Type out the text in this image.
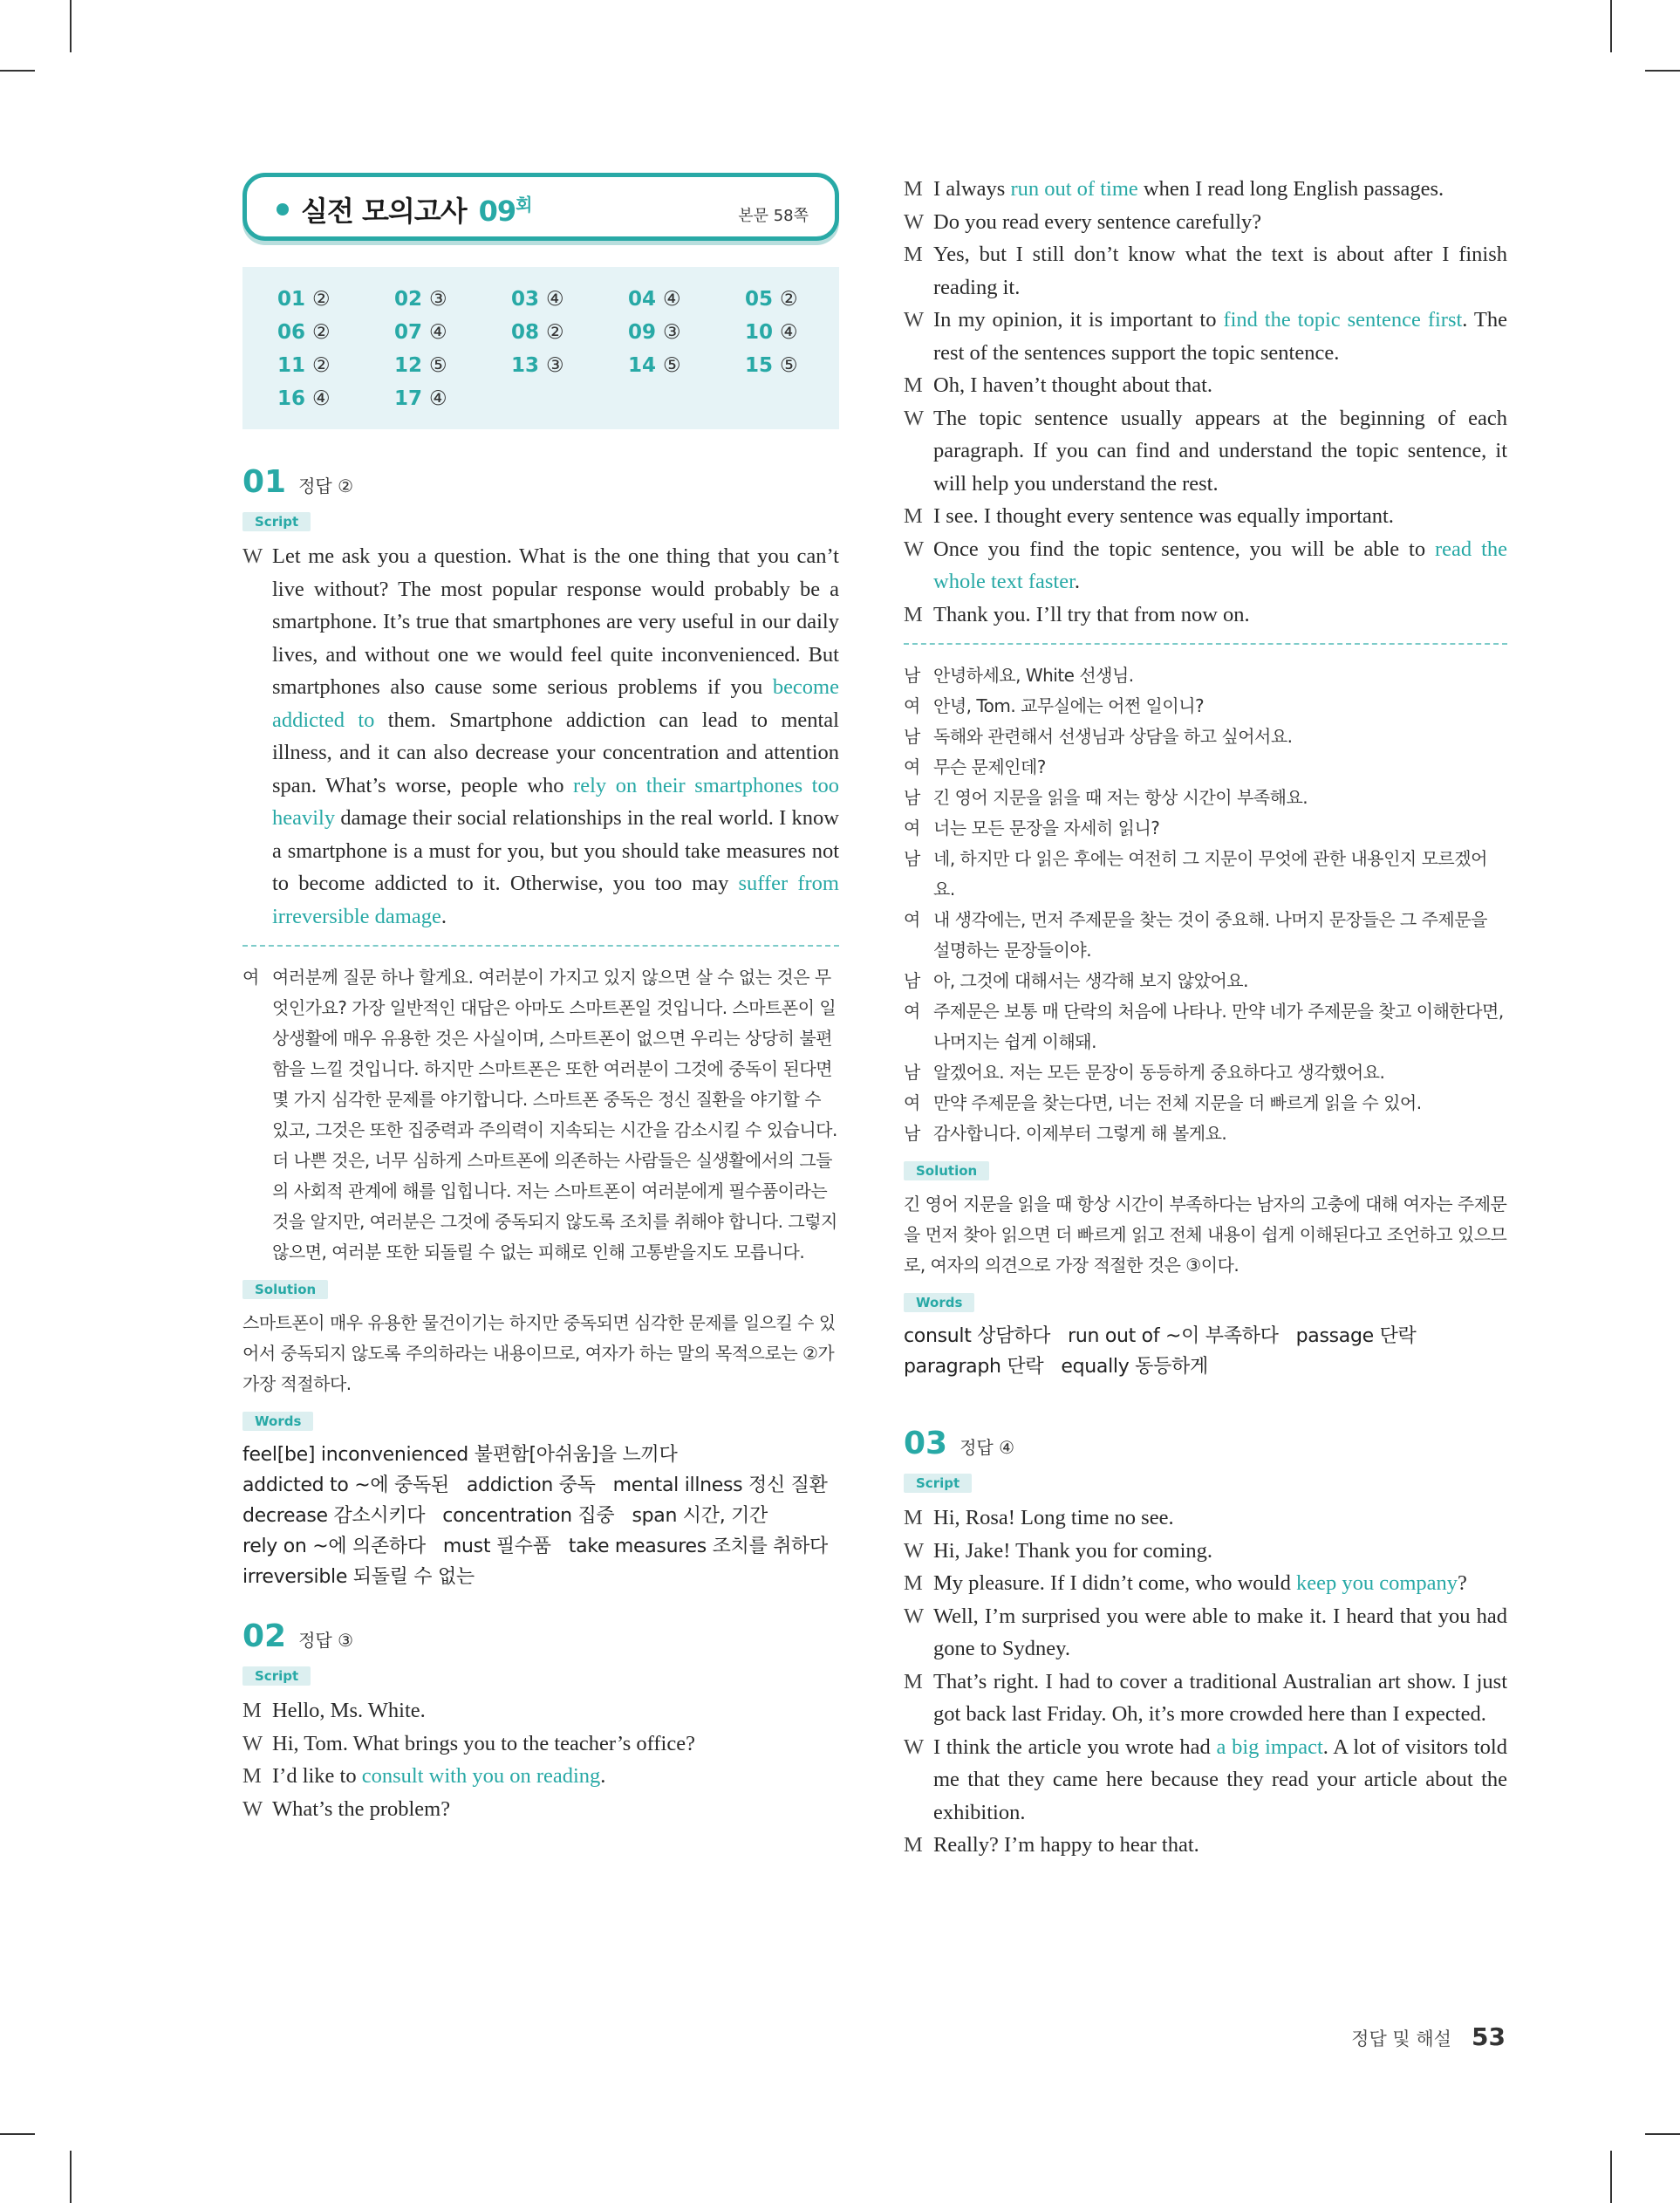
실전 모의고사 $09^회$
본문 58쪽
01 ②	02 ③	03 ④	04 ④	05 ②
06 ②	07 ④	08 ②	09 ③	10 ④
11 ②	12 ⑤	13 ③	14 ⑤	15 ⑤
16 ④	17 ④
01 정답 ②
Script
W Let me ask you a question. What is the one thing that you can’t live without? The most popular response would probably be a smartphone. It’s true that smartphones are very useful in our daily lives, and without one we would feel quite inconvenienced. But smartphones also cause some serious problems if you become addicted to them. Smartphone addiction can lead to mental illness, and it can also decrease your concentration and attention span. What’s worse, people who rely on their smartphones too heavily damage their social relationships in the real world. I know a smartphone is a must for you, but you should take measures not to become addicted to it. Otherwise, you too may suffer from irreversible damage.
여 여러분께 질문 하나 할게요. 여러분이 가지고 있지 않으면 살 수 없는 것은 무엇인가요? 가장 일반적인 대답은 아마도 스마트폰일 것입니다. 스마트폰이 일상생활에 매우 유용한 것은 사실이며, 스마트폰이 없으면 우리는 상당히 불편함을 느낄 것입니다. 하지만 스마트폰은 또한 여러분이 그것에 중독이 된다면 몇 가지 심각한 문제를 야기합니다. 스마트폰 중독은 정신 질환을 야기할 수 있고, 그것은 또한 집중력과 주의력이 지속되는 시간을 감소시킬 수 있습니다. 더 나쁜 것은, 너무 심하게 스마트폰에 의존하는 사람들은 실생활에서의 그들의 사회적 관계에 해를 입힙니다. 저는 스마트폰이 여러분에게 필수품이라는 것을 알지만, 여러분은 그것에 중독되지 않도록 조치를 취해야 합니다. 그렇지 않으면, 여러분 또한 되돌릴 수 없는 피해로 인해 고통받을지도 모릅니다.
Solution
스마트폰이 매우 유용한 물건이기는 하지만 중독되면 심각한 문제를 일으킬 수 있어서 중독되지 않도록 주의하라는 내용이므로, 여자가 하는 말의 목적으로는 ②가 가장 적절하다.
Words
feel[be] inconvenienced 불편함[아쉬움]을 느끼다
addicted to ~에 중독된   addiction 중독   mental illness 정신 질환
decrease 감소시키다   concentration 집중   span 시간, 기간
rely on ~에 의존하다   must 필수품   take measures 조치를 취하다
irreversible 되돌릴 수 없는
02 정답 ③
Script
M Hello, Ms. White.
W Hi, Tom. What brings you to the teacher’s office?
M I’d like to consult with you on reading.
W What’s the problem?
M I always run out of time when I read long English passages.
W Do you read every sentence carefully?
M Yes, but I still don’t know what the text is about after I finish reading it.
W In my opinion, it is important to find the topic sentence first. The rest of the sentences support the topic sentence.
M Oh, I haven’t thought about that.
W The topic sentence usually appears at the beginning of each paragraph. If you can find and understand the topic sentence, it will help you understand the rest.
M I see. I thought every sentence was equally important.
W Once you find the topic sentence, you will be able to read the whole text faster.
M Thank you. I’ll try that from now on.
남 안녕하세요, White 선생님.
여 안녕, Tom. 교무실에는 어쩐 일이니?
남 독해와 관련해서 선생님과 상담을 하고 싶어서요.
여 무슨 문제인데?
남 긴 영어 지문을 읽을 때 저는 항상 시간이 부족해요.
여 너는 모든 문장을 자세히 읽니?
남 네, 하지만 다 읽은 후에는 여전히 그 지문이 무엇에 관한 내용인지 모르겠어요.
여 내 생각에는, 먼저 주제문을 찾는 것이 중요해. 나머지 문장들은 그 주제문을 설명하는 문장들이야.
남 아, 그것에 대해서는 생각해 보지 않았어요.
여 주제문은 보통 매 단락의 처음에 나타나. 만약 네가 주제문을 찾고 이해한다면, 나머지는 쉽게 이해돼.
남 알겠어요. 저는 모든 문장이 동등하게 중요하다고 생각했어요.
여 만약 주제문을 찾는다면, 너는 전체 지문을 더 빠르게 읽을 수 있어.
남 감사합니다. 이제부터 그렇게 해 볼게요.
Solution
긴 영어 지문을 읽을 때 항상 시간이 부족하다는 남자의 고충에 대해 여자는 주제문을 먼저 찾아 읽으면 더 빠르게 읽고 전체 내용이 쉽게 이해된다고 조언하고 있으므로, 여자의 의견으로 가장 적절한 것은 ③이다.
Words
consult 상담하다   run out of ~이 부족하다   passage 단락
paragraph 단락   equally 동등하게
03 정답 ④
Script
M Hi, Rosa! Long time no see.
W Hi, Jake! Thank you for coming.
M My pleasure. If I didn’t come, who would keep you company?
W Well, I’m surprised you were able to make it. I heard that you had gone to Sydney.
M That’s right. I had to cover a traditional Australian art show. I just got back last Friday. Oh, it’s more crowded here than I expected.
W I think the article you wrote had a big impact. A lot of visitors told me that they came here because they read your article about the exhibition.
M Really? I’m happy to hear that.
정답 및 해설 53
